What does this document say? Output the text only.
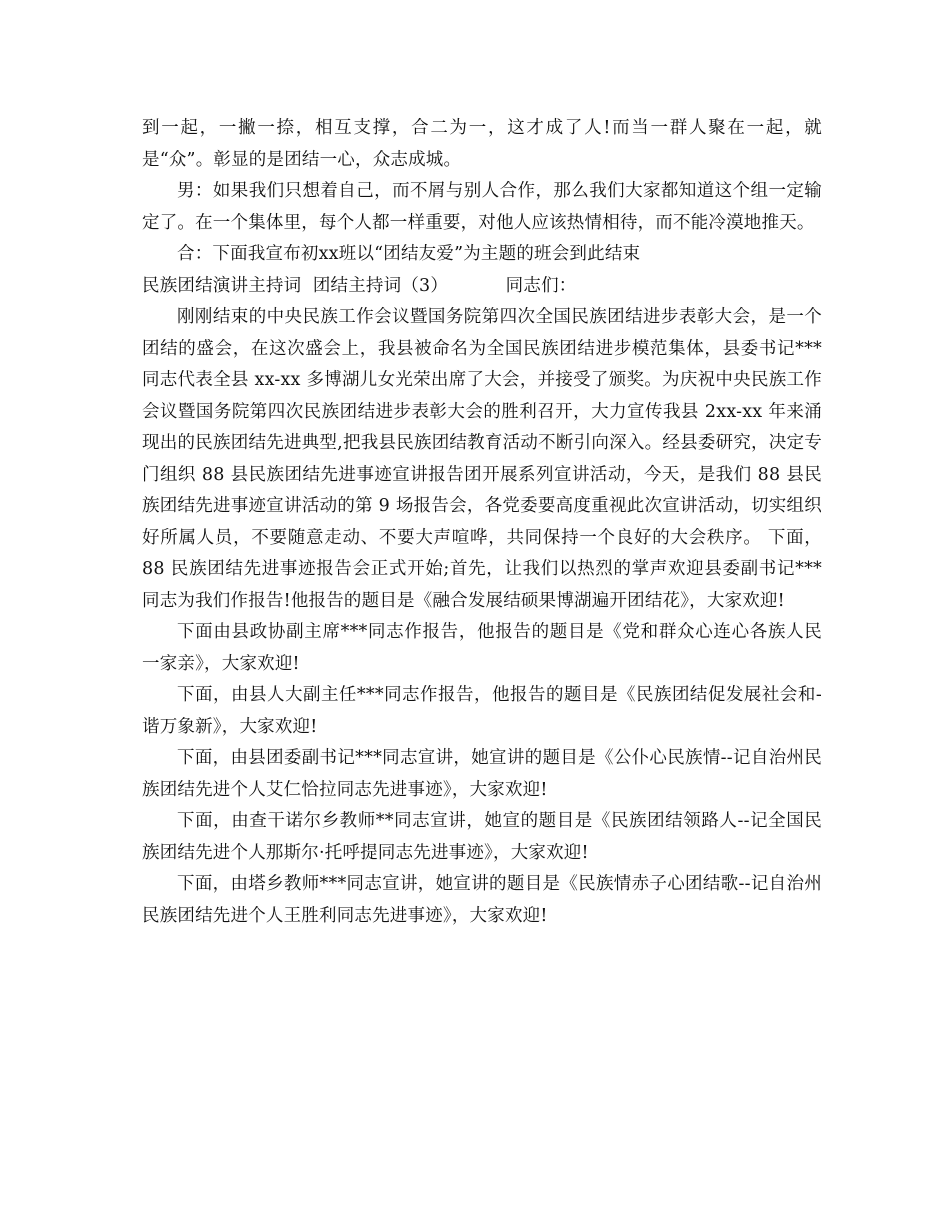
到一起，一撇一捺，相互支撑，合二为一，这才成了人!而当一群人聚在一起，就是“众”。彰显的是团结一心，众志成城。

男：如果我们只想着自己，而不屑与别人合作，那么我们大家都知道这个组一定输定了。在一个集体里，每个人都一样重要，对他人应该热情相待，而不能冷漠地推天。

合：下面我宣布初xx班以“团结友爱”为主题的班会到此结束

民族团结演讲主持词  团结主持词（3）          同志们：

刚刚结束的中央民族工作会议暨国务院第四次全国民族团结进步表彰大会，是一个团结的盛会，在这次盛会上，我县被命名为全国民族团结进步模范集体，县委书记***同志代表全县 xx-xx 多博湖儿女光荣出席了大会，并接受了颁奖。为庆祝中央民族工作会议暨国务院第四次民族团结进步表彰大会的胜利召开，大力宣传我县 2xx-xx 年来涌现出的民族团结先进典型,把我县民族团结教育活动不断引向深入。经县委研究，决定专门组织 88 县民族团结先进事迹宣讲报告团开展系列宣讲活动，今天，是我们 88 县民族团结先进事迹宣讲活动的第 9 场报告会，各党委要高度重视此次宣讲活动，切实组织好所属人员，不要随意走动、不要大声喧哗，共同保持一个良好的大会秩序。 下面，88 民族团结先进事迹报告会正式开始;首先，让我们以热烈的掌声欢迎县委副书记***同志为我们作报告!他报告的题目是《融合发展结硕果博湖遍开团结花》，大家欢迎!

下面由县政协副主席***同志作报告，他报告的题目是《党和群众心连心各族人民一家亲》，大家欢迎!

下面，由县人大副主任***同志作报告，他报告的题目是《民族团结促发展社会和-谐万象新》，大家欢迎!

下面，由县团委副书记***同志宣讲，她宣讲的题目是《公仆心民族情--记自治州民族团结先进个人艾仁恰拉同志先进事迹》，大家欢迎!

下面，由查干诺尔乡教师**同志宣讲，她宣的题目是《民族团结领路人--记全国民族团结先进个人那斯尔·托呼提同志先进事迹》，大家欢迎!

下面，由塔乡教师***同志宣讲，她宣讲的题目是《民族情赤子心团结歌--记自治州民族团结先进个人王胜利同志先进事迹》，大家欢迎!
